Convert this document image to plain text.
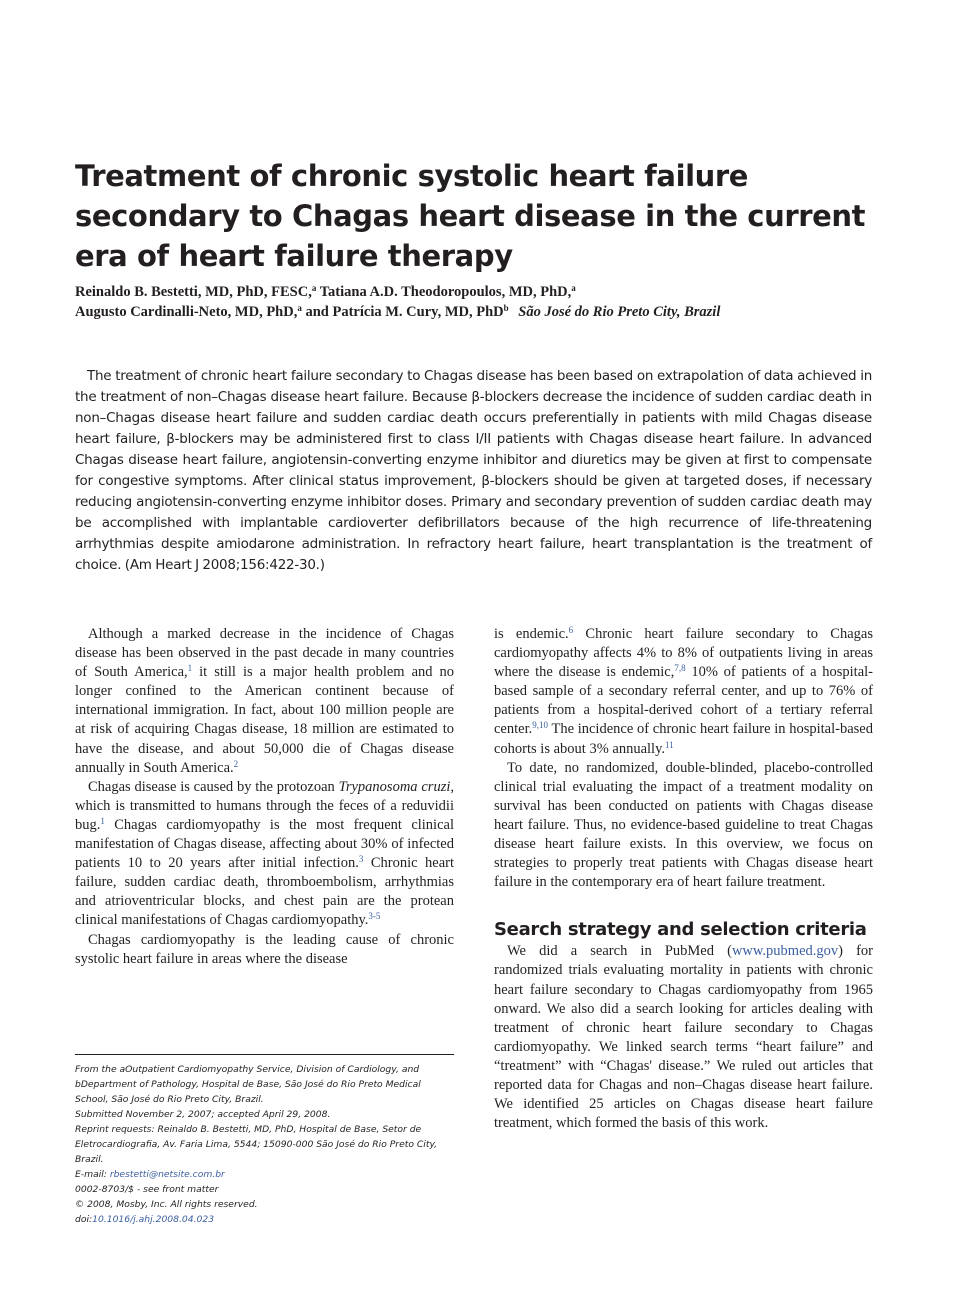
Treatment of chronic systolic heart failure secondary to Chagas heart disease in the current era of heart failure therapy
Reinaldo B. Bestetti, MD, PhD, FESC,$^a$ Tatiana A.D. Theodoropoulos, MD, PhD,$^a$
Augusto Cardinalli-Neto, MD, PhD,$^a$ and Patrícia M. Cury, MD, PhD$^b$ São José do Rio Preto City, Brazil

The treatment of chronic heart failure secondary to Chagas disease has been based on extrapolation of data achieved in the treatment of non–Chagas disease heart failure. Because β-blockers decrease the incidence of sudden cardiac death in non–Chagas disease heart failure and sudden cardiac death occurs preferentially in patients with mild Chagas disease heart failure, β-blockers may be administered first to class I/II patients with Chagas disease heart failure. In advanced Chagas disease heart failure, angiotensin-converting enzyme inhibitor and diuretics may be given at first to compensate for congestive symptoms. After clinical status improvement, β-blockers should be given at targeted doses, if necessary reducing angiotensin-converting enzyme inhibitor doses. Primary and secondary prevention of sudden cardiac death may be accomplished with implantable cardioverter defibrillators because of the high recurrence of life-threatening arrhythmias despite amiodarone administration. In refractory heart failure, heart transplantation is the treatment of choice. (Am Heart J 2008;156:422-30.)

Although a marked decrease in the incidence of Chagas disease has been observed in the past decade in many countries of South America,$^1$ it still is a major health problem and no longer confined to the American continent because of international immigration. In fact, about 100 million people are at risk of acquiring Chagas disease, 18 million are estimated to have the disease, and about 50,000 die of Chagas disease annually in South America.$^2$

Chagas disease is caused by the protozoan Trypanosoma cruzi, which is transmitted to humans through the feces of a reduvidii bug.$^1$ Chagas cardiomyopathy is the most frequent clinical manifestation of Chagas disease, affecting about 30% of infected patients 10 to 20 years after initial infection.$^3$ Chronic heart failure, sudden cardiac death, thromboembolism, arrhythmias and atrioventricular blocks, and chest pain are the protean clinical manifestations of Chagas cardiomyopathy.$^{3-5}$

Chagas cardiomyopathy is the leading cause of chronic systolic heart failure in areas where the disease

is endemic.$^6$ Chronic heart failure secondary to Chagas cardiomyopathy affects 4% to 8% of outpatients living in areas where the disease is endemic,$^{7,8}$ 10% of patients of a hospital-based sample of a secondary referral center, and up to 76% of patients from a hospital-derived cohort of a tertiary referral center.$^{9,10}$ The incidence of chronic heart failure in hospital-based cohorts is about 3% annually.$^{11}$

To date, no randomized, double-blinded, placebo-controlled clinical trial evaluating the impact of a treatment modality on survival has been conducted on patients with Chagas disease heart failure. Thus, no evidence-based guideline to treat Chagas disease heart failure exists. In this overview, we focus on strategies to properly treat patients with Chagas disease heart failure in the contemporary era of heart failure treatment.

Search strategy and selection criteria

We did a search in PubMed (www.pubmed.gov) for randomized trials evaluating mortality in patients with chronic heart failure secondary to Chagas cardiomyopathy from 1965 onward. We also did a search looking for articles dealing with treatment of chronic heart failure secondary to Chagas cardiomyopathy. We linked search terms “heart failure” and “treatment” with “Chagas' disease.” We ruled out articles that reported data for Chagas and non–Chagas disease heart failure. We identified 25 articles on Chagas disease heart failure treatment, which formed the basis of this work.

From the aOutpatient Cardiomyopathy Service, Division of Cardiology, and bDepartment of Pathology, Hospital de Base, São José do Rio Preto Medical School, São José do Rio Preto City, Brazil.
Submitted November 2, 2007; accepted April 29, 2008.
Reprint requests: Reinaldo B. Bestetti, MD, PhD, Hospital de Base, Setor de Eletrocardiografia, Av. Faria Lima, 5544; 15090-000 São José do Rio Preto City, Brazil.
E-mail: rbestetti@netsite.com.br
0002-8703/$ - see front matter
© 2008, Mosby, Inc. All rights reserved.
doi:10.1016/j.ahj.2008.04.023
